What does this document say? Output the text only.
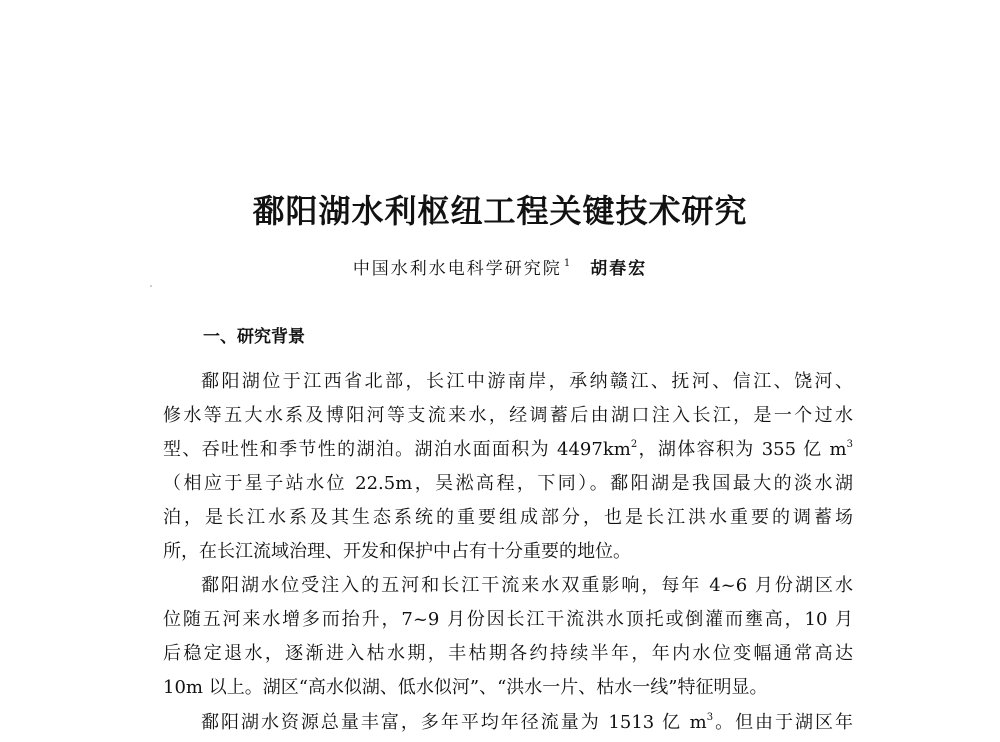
鄱阳湖水利枢纽工程关键技术研究
中国水利水电科学研究院 $^1$ 胡春宏
一、研究背景
鄱阳湖位于江西省北部，长江中游南岸，承纳赣江、抚河、信江、饶河、
修水等五大水系及博阳河等支流来水，经调蓄后由湖口注入长江，是一个过水
型、吞吐性和季节性的湖泊。湖泊水面面积为 $4497km^2$，湖体容积为 355 亿 $m^3$
（相应于星子站水位 22.5m，吴淞高程，下同）。鄱阳湖是我国最大的淡水湖
泊，是长江水系及其生态系统的重要组成部分，也是长江洪水重要的调蓄场
所，在长江流域治理、开发和保护中占有十分重要的地位。
鄱阳湖水位受注入的五河和长江干流来水双重影响，每年 4~6 月份湖区水
位随五河来水增多而抬升，7~9 月份因长江干流洪水顶托或倒灌而壅高，10 月
后稳定退水，逐渐进入枯水期，丰枯期各约持续半年，年内水位变幅通常高达
10m 以上。湖区“高水似湖、低水似河”、“洪水一片、枯水一线”特征明显。
鄱阳湖水资源总量丰富，多年平均年径流量为 1513 亿 $m^3$。但由于湖区年
